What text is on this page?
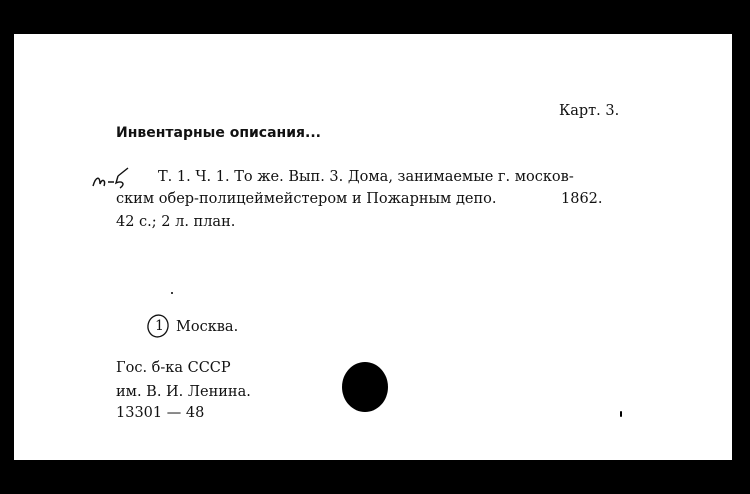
Карт. 3.
Инвентарные описания...
Т. 1. Ч. 1. То же. Вып. 3. Дома, занимаемые г. москов-
ским обер-полицеймейстером и Пожарным депо.	1862.
42 с.; 2 л. план.
1 Москва.
Гос. б-ка СССР
им. В. И. Ленина.
13301 — 48
